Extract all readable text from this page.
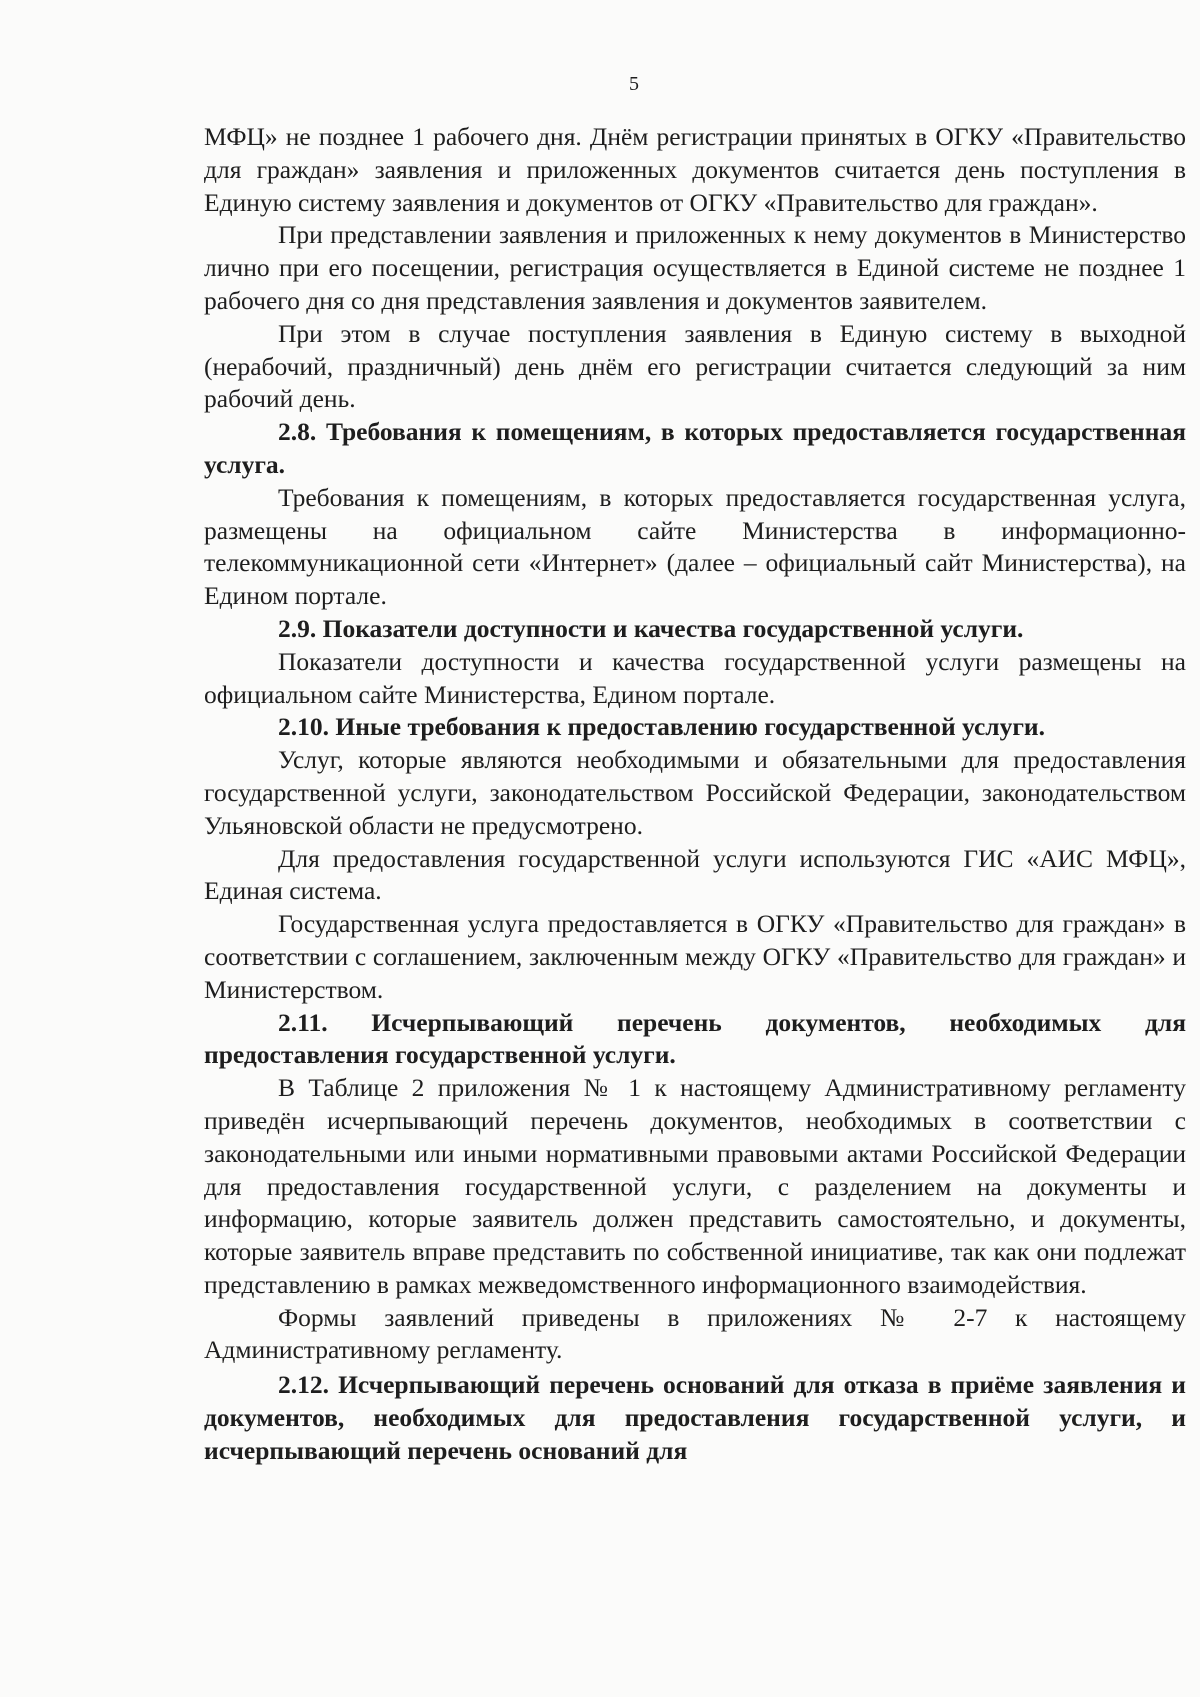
5

МФЦ» не позднее 1 рабочего дня. Днём регистрации принятых в ОГКУ «Правительство для граждан» заявления и приложенных документов считается день поступления в Единую систему заявления и документов от ОГКУ «Правительство для граждан».

При представлении заявления и приложенных к нему документов в Министерство лично при его посещении, регистрация осуществляется в Единой системе не позднее 1 рабочего дня со дня представления заявления и документов заявителем.

При этом в случае поступления заявления в Единую систему в выходной (нерабочий, праздничный) день днём его регистрации считается следующий за ним рабочий день.

2.8. Требования к помещениям, в которых предоставляется государственная услуга.

Требования к помещениям, в которых предоставляется государственная услуга, размещены на официальном сайте Министерства в информационно-телекоммуникационной сети «Интернет» (далее – официальный сайт Министерства), на Едином портале.

2.9. Показатели доступности и качества государственной услуги.

Показатели доступности и качества государственной услуги размещены на официальном сайте Министерства, Едином портале.

2.10. Иные требования к предоставлению государственной услуги.

Услуг, которые являются необходимыми и обязательными для предоставления государственной услуги, законодательством Российской Федерации, законодательством Ульяновской области не предусмотрено.

Для предоставления государственной услуги используются ГИС «АИС МФЦ», Единая система.

Государственная услуга предоставляется в ОГКУ «Правительство для граждан» в соответствии с соглашением, заключенным между ОГКУ «Правительство для граждан» и Министерством.

2.11. Исчерпывающий перечень документов, необходимых для предоставления государственной услуги.

В Таблице 2 приложения № 1 к настоящему Административному регламенту приведён исчерпывающий перечень документов, необходимых в соответствии с законодательными или иными нормативными правовыми актами Российской Федерации для предоставления государственной услуги, с разделением на документы и информацию, которые заявитель должен представить самостоятельно, и документы, которые заявитель вправе представить по собственной инициативе, так как они подлежат представлению в рамках межведомственного информационного взаимодействия.

Формы заявлений приведены в приложениях № 2-7 к настоящему Административному регламенту.

2.12. Исчерпывающий перечень оснований для отказа в приёме заявления и документов, необходимых для предоставления государственной услуги, и исчерпывающий перечень оснований для
